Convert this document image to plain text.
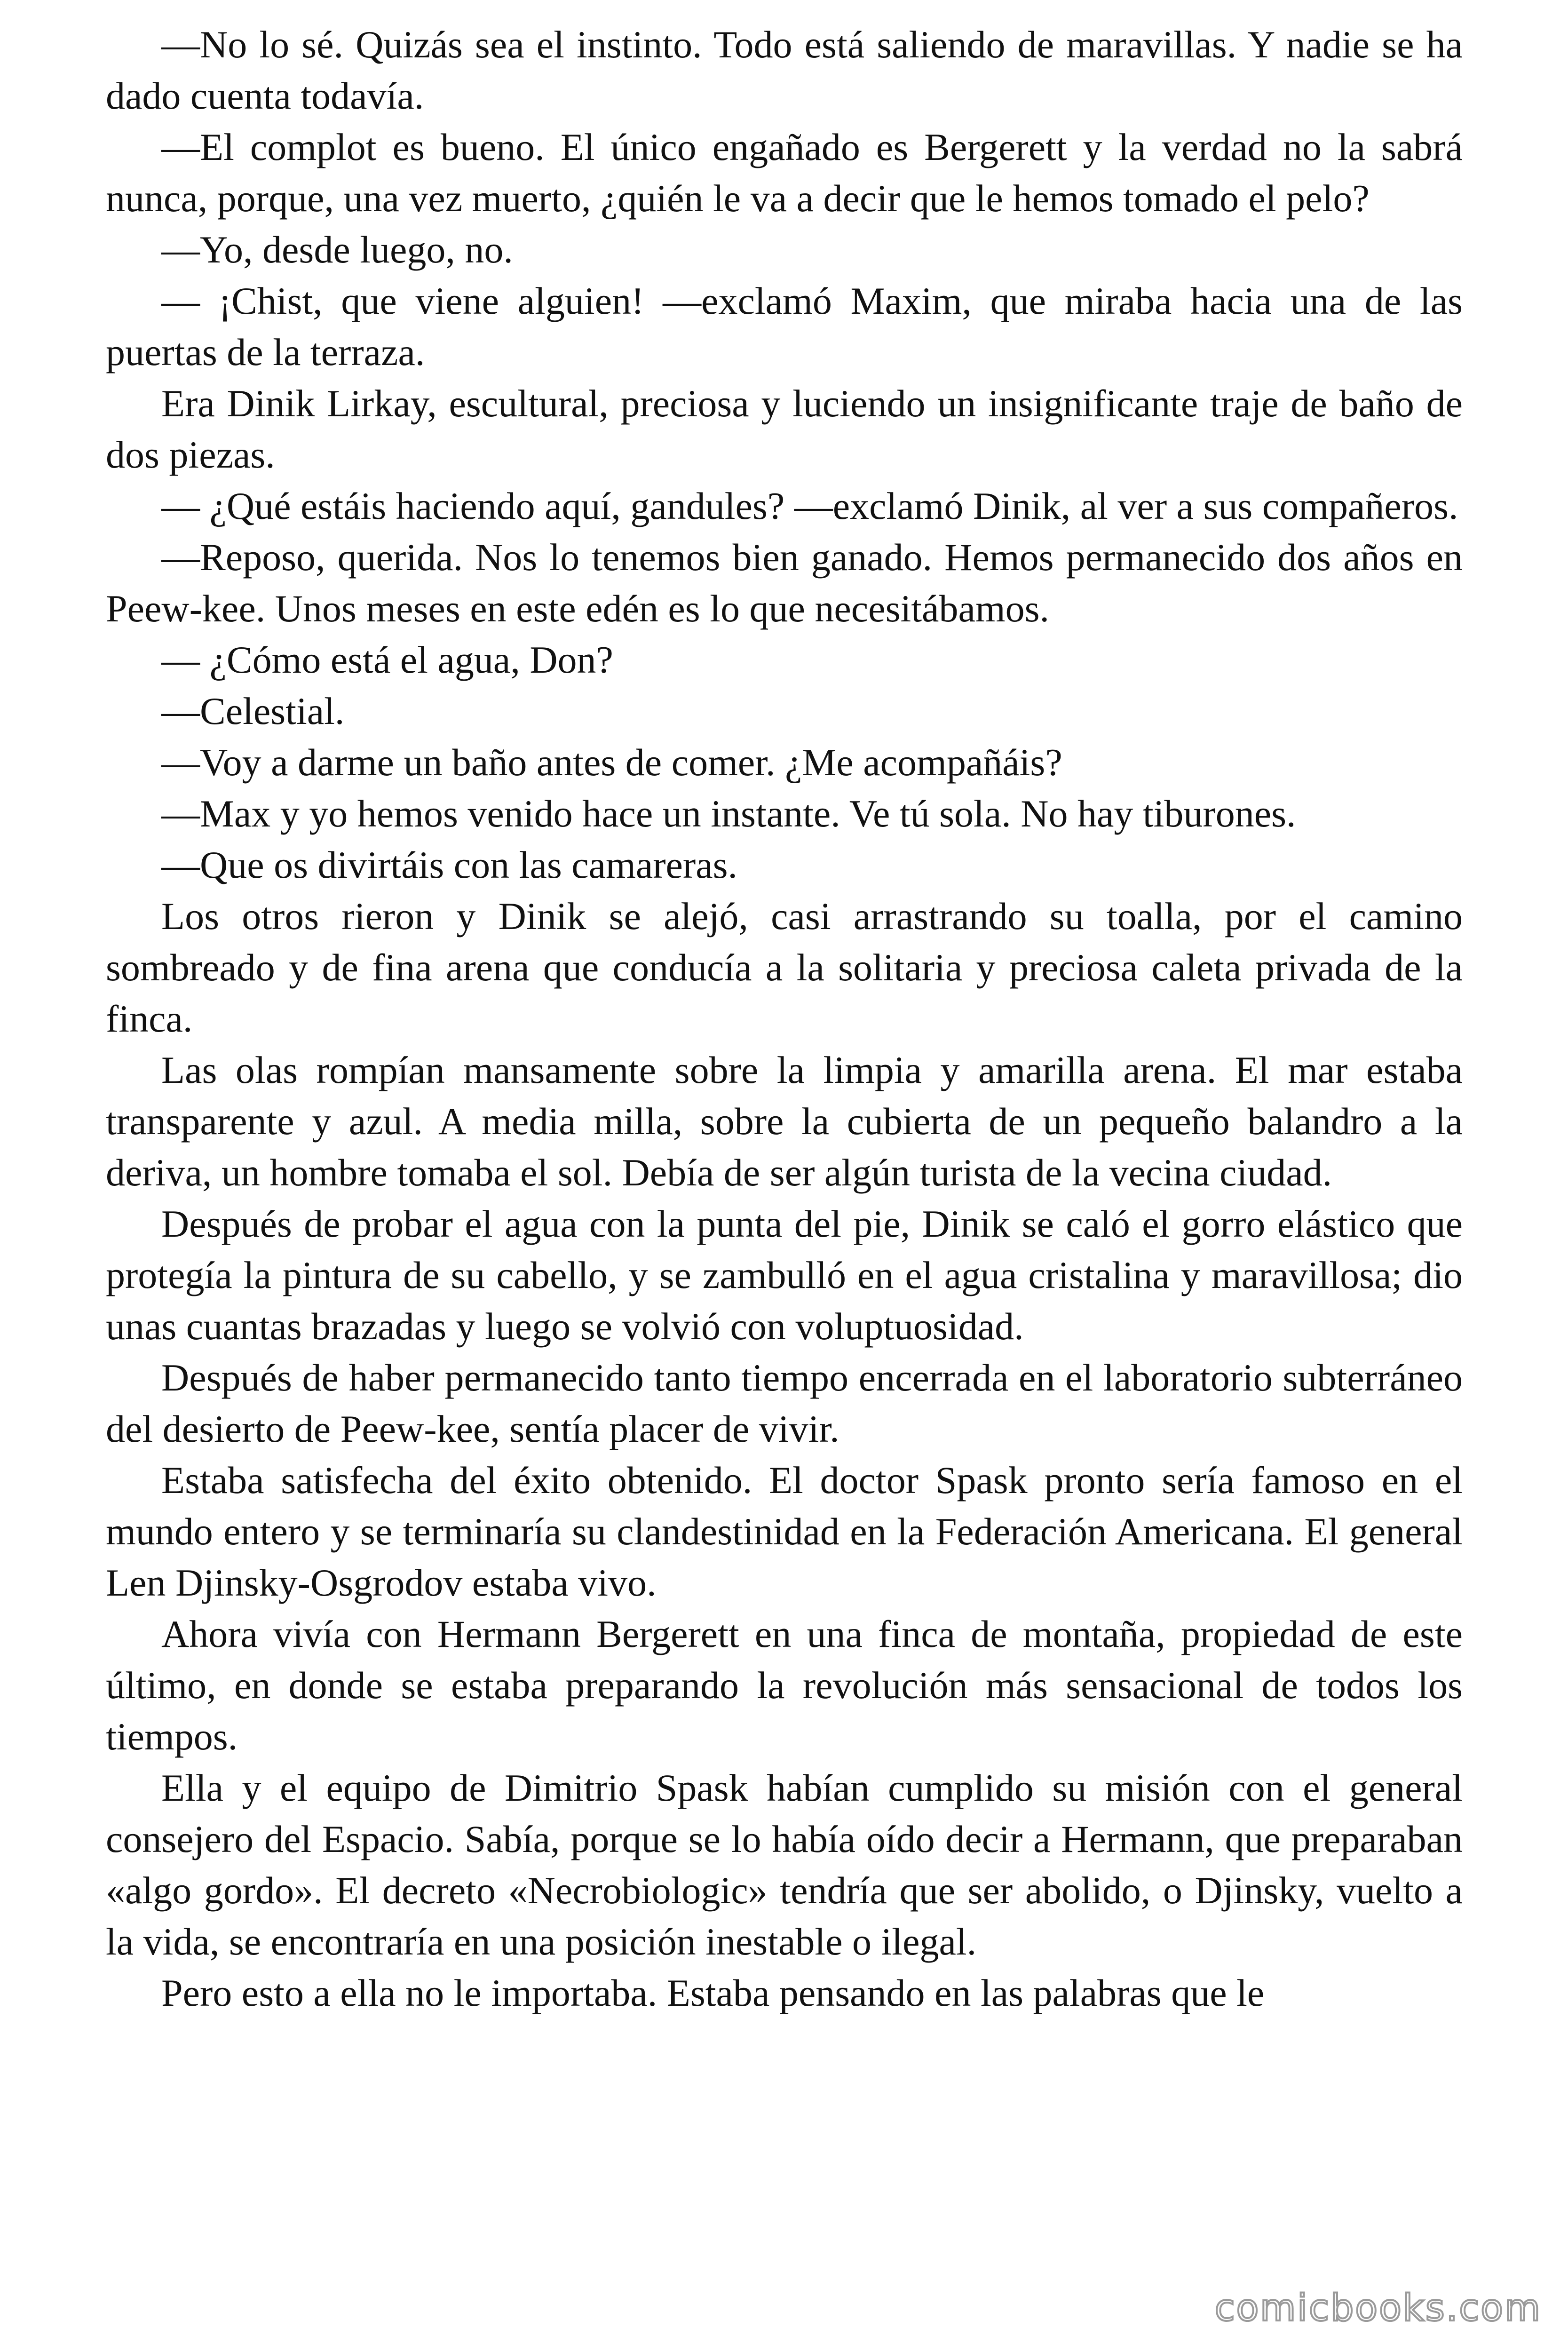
—No lo sé. Quizás sea el instinto. Todo está saliendo de maravillas. Y nadie se ha dado cuenta todavía.

—El complot es bueno. El único engañado es Bergerett y la verdad no la sabrá nunca, porque, una vez muerto, ¿quién le va a decir que le hemos tomado el pelo?

—Yo, desde luego, no.

— ¡Chist, que viene alguien! —exclamó Maxim, que miraba hacia una de las puertas de la terraza.

Era Dinik Lirkay, escultural, preciosa y luciendo un insignificante traje de baño de dos piezas.

— ¿Qué estáis haciendo aquí, gandules? —exclamó Dinik, al ver a sus compañeros.

—Reposo, querida. Nos lo tenemos bien ganado. Hemos permanecido dos años en Peew-kee. Unos meses en este edén es lo que necesitábamos.

— ¿Cómo está el agua, Don?

—Celestial.

—Voy a darme un baño antes de comer. ¿Me acompañáis?

—Max y yo hemos venido hace un instante. Ve tú sola. No hay tiburones.

—Que os divirtáis con las camareras.

Los otros rieron y Dinik se alejó, casi arrastrando su toalla, por el camino sombreado y de fina arena que conducía a la solitaria y preciosa caleta privada de la finca.

Las olas rompían mansamente sobre la limpia y amarilla arena. El mar estaba transparente y azul. A media milla, sobre la cubierta de un pequeño balandro a la deriva, un hombre tomaba el sol. Debía de ser algún turista de la vecina ciudad.

Después de probar el agua con la punta del pie, Dinik se caló el gorro elástico que protegía la pintura de su cabello, y se zambulló en el agua cristalina y maravillosa; dio unas cuantas brazadas y luego se volvió con voluptuosidad.

Después de haber permanecido tanto tiempo encerrada en el laboratorio subterráneo del desierto de Peew-kee, sentía placer de vivir.

Estaba satisfecha del éxito obtenido. El doctor Spask pronto sería famoso en el mundo entero y se terminaría su clandestinidad en la Federación Americana. El general Len Djinsky-Osgrodov estaba vivo.

Ahora vivía con Hermann Bergerett en una finca de montaña, propiedad de este último, en donde se estaba preparando la revolución más sensacional de todos los tiempos.

Ella y el equipo de Dimitrio Spask habían cumplido su misión con el general consejero del Espacio. Sabía, porque se lo había oído decir a Hermann, que preparaban «algo gordo». El decreto «Necrobiologic» tendría que ser abolido, o Djinsky, vuelto a la vida, se encontraría en una posición inestable o ilegal.

Pero esto a ella no le importaba. Estaba pensando en las palabras que le

comicbooks.com
